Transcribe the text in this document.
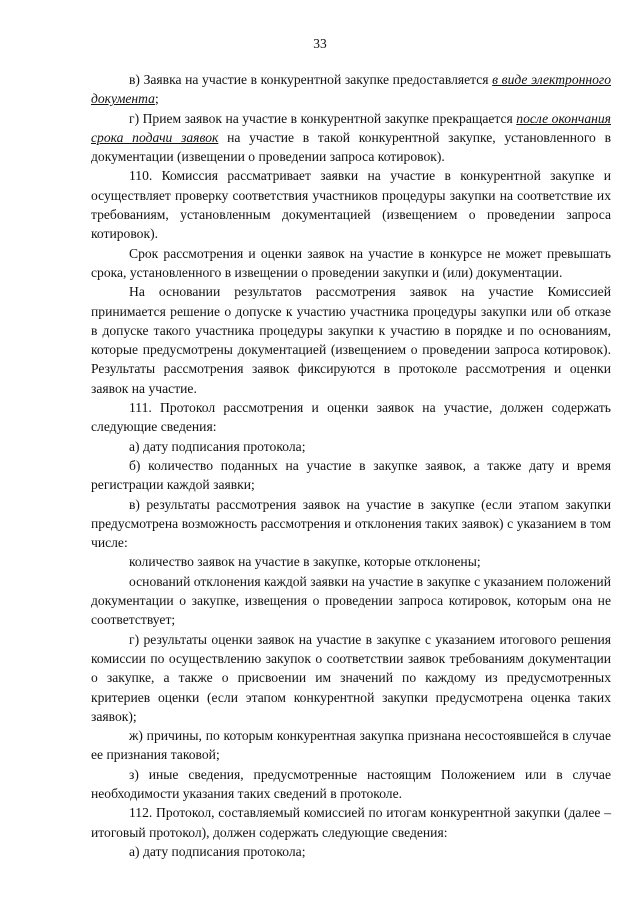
33

в) Заявка на участие в конкурентной закупке предоставляется в виде электронного документа;

г) Прием заявок на участие в конкурентной закупке прекращается после окончания срока подачи заявок на участие в такой конкурентной закупке, установленного в документации (извещении о проведении запроса котировок).

110. Комиссия рассматривает заявки на участие в конкурентной закупке и осуществляет проверку соответствия участников процедуры закупки на соответствие их требованиям, установленным документацией (извещением о проведении запроса котировок).

Срок рассмотрения и оценки заявок на участие в конкурсе не может превышать срока, установленного в извещении о проведении закупки и (или) документации.

На основании результатов рассмотрения заявок на участие Комиссией принимается решение о допуске к участию участника процедуры закупки или об отказе в допуске такого участника процедуры закупки к участию в порядке и по основаниям, которые предусмотрены документацией (извещением о проведении запроса котировок). Результаты рассмотрения заявок фиксируются в протоколе рассмотрения и оценки заявок на участие.

111. Протокол рассмотрения и оценки заявок на участие, должен содержать следующие сведения:

а) дату подписания протокола;

б) количество поданных на участие в закупке заявок, а также дату и время регистрации каждой заявки;

в) результаты рассмотрения заявок на участие в закупке (если этапом закупки предусмотрена возможность рассмотрения и отклонения таких заявок) с указанием в том числе:

количество заявок на участие в закупке, которые отклонены;

оснований отклонения каждой заявки на участие в закупке с указанием положений документации о закупке, извещения о проведении запроса котировок, которым она не соответствует;

г) результаты оценки заявок на участие в закупке с указанием итогового решения комиссии по осуществлению закупок о соответствии заявок требованиям документации о закупке, а также о присвоении им значений по каждому из предусмотренных критериев оценки (если этапом конкурентной закупки предусмотрена оценка таких заявок);

ж) причины, по которым конкурентная закупка признана несостоявшейся в случае ее признания таковой;

з) иные сведения, предусмотренные настоящим Положением или в случае необходимости указания таких сведений в протоколе.

112. Протокол, составляемый комиссией по итогам конкурентной закупки (далее – итоговый протокол), должен содержать следующие сведения:

а) дату подписания протокола;
